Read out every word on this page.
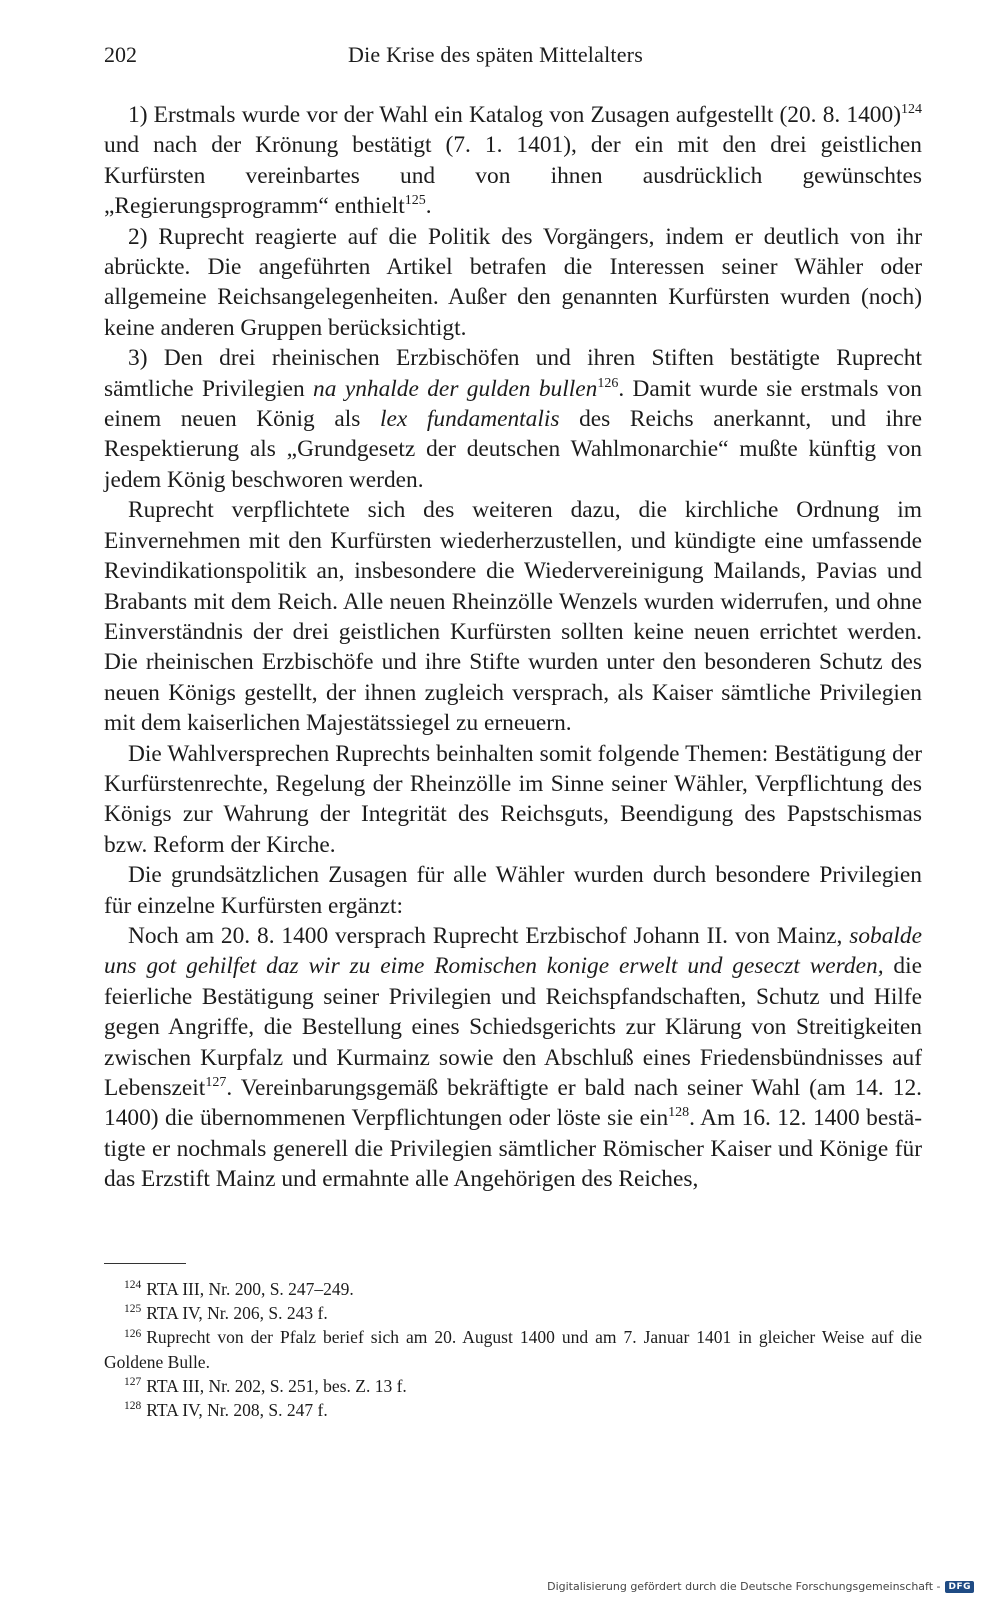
202	Die Krise des späten Mittelalters

1) Erstmals wurde vor der Wahl ein Katalog von Zusagen aufgestellt (20. 8. 1400)$^{124}$ und nach der Krönung bestätigt (7. 1. 1401), der ein mit den drei geistlichen Kurfürsten vereinbartes und von ihnen ausdrücklich gewünschtes „Regierungsprogramm“ enthielt$^{125}$.

2) Ruprecht reagierte auf die Politik des Vorgängers, indem er deutlich von ihr abrückte. Die angeführten Artikel betrafen die Interessen seiner Wähler oder allgemeine Reichsangelegenheiten. Außer den genannten Kurfürsten wurden (noch) keine anderen Gruppen berücksichtigt.

3) Den drei rheinischen Erzbischöfen und ihren Stiften bestätigte Ruprecht sämtliche Privilegien na ynhalde der gulden bullen$^{126}$. Damit wurde sie erstmals von einem neuen König als lex fundamentalis des Reichs anerkannt, und ihre Respektierung als „Grundgesetz der deutschen Wahlmonarchie“ mußte künftig von jedem König beschworen werden.

Ruprecht verpflichtete sich des weiteren dazu, die kirchliche Ordnung im Einvernehmen mit den Kurfürsten wiederherzustellen, und kündigte eine umfassende Revindikationspolitik an, insbesondere die Wiedervereinigung Mailands, Pavias und Brabants mit dem Reich. Alle neuen Rheinzölle Wenzels wurden widerrufen, und ohne Einverständnis der drei geistlichen Kurfürsten sollten keine neuen errichtet werden. Die rheinischen Erzbischöfe und ihre Stifte wurden unter den besonderen Schutz des neuen Königs gestellt, der ihnen zugleich versprach, als Kaiser sämtliche Privilegien mit dem kaiserlichen Majestätssiegel zu erneuern.

Die Wahlversprechen Ruprechts beinhalten somit folgende Themen: Bestätigung der Kurfürstenrechte, Regelung der Rheinzölle im Sinne seiner Wähler, Verpflichtung des Königs zur Wahrung der Integrität des Reichsguts, Beendigung des Papstschismas bzw. Reform der Kirche.

Die grundsätzlichen Zusagen für alle Wähler wurden durch besondere Privilegien für einzelne Kurfürsten ergänzt:

Noch am 20. 8. 1400 versprach Ruprecht Erzbischof Johann II. von Mainz, sobalde uns got gehilfet daz wir zu eime Romischen konige erwelt und geseczt werden, die feierliche Bestätigung seiner Privilegien und Reichspfandschaften, Schutz und Hilfe gegen Angriffe, die Bestellung eines Schiedsgerichts zur Klärung von Streitigkeiten zwischen Kurpfalz und Kurmainz sowie den Abschluß eines Friedensbündnisses auf Lebenszeit$^{127}$. Vereinbarungsgemäß bekräftigte er bald nach seiner Wahl (am 14. 12. 1400) die übernommenen Verpflichtungen oder löste sie ein$^{128}$. Am 16. 12. 1400 bestätigte er nochmals generell die Privilegien sämtlicher Römischer Kaiser und Könige für das Erzstift Mainz und ermahnte alle Angehörigen des Reiches,

$^{124}$ RTA III, Nr. 200, S. 247–249.

$^{125}$ RTA IV, Nr. 206, S. 243 f.

$^{126}$ Ruprecht von der Pfalz berief sich am 20. August 1400 und am 7. Januar 1401 in gleicher Weise auf die Goldene Bulle.

$^{127}$ RTA III, Nr. 202, S. 251, bes. Z. 13 f.

$^{128}$ RTA IV, Nr. 208, S. 247 f.

Digitalisierung gefördert durch die Deutsche Forschungsgemeinschaft - DFG
